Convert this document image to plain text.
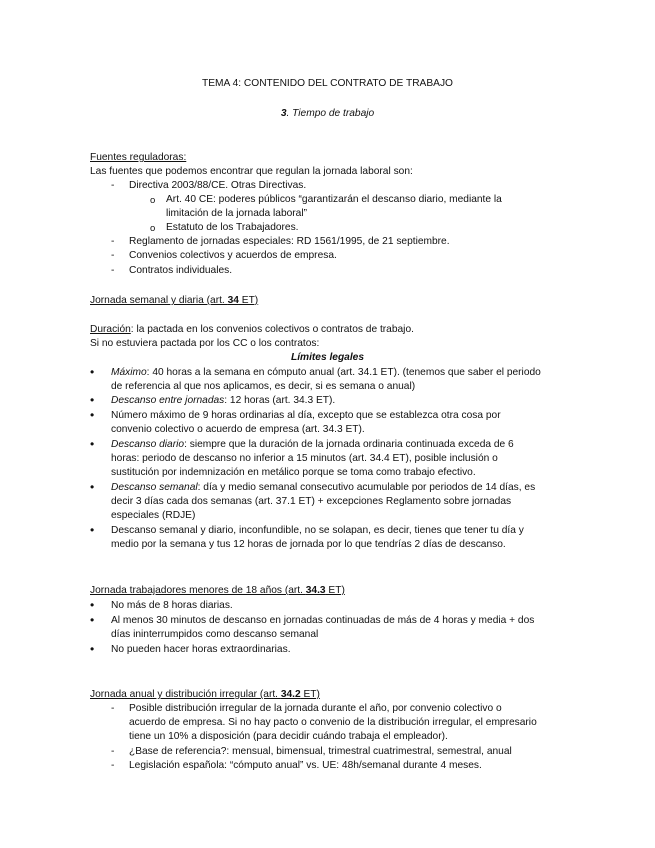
TEMA 4: CONTENIDO DEL CONTRATO DE TRABAJO
3. Tiempo de trabajo
Fuentes reguladoras:
Las fuentes que podemos encontrar que regulan la jornada laboral son:
-
Directiva 2003/88/CE. Otras Directivas.
o
Art. 40 CE: poderes públicos “garantizarán el descanso diario, mediante la
limitación de la jornada laboral”
o
Estatuto de los Trabajadores.
-
Reglamento de jornadas especiales: RD 1561/1995, de 21 septiembre.
-
Convenios colectivos y acuerdos de empresa.
-
Contratos individuales.
Jornada semanal y diaria (art. 34 ET)
Duración: la pactada en los convenios colectivos o contratos de trabajo.
Si no estuviera pactada por los CC o los contratos:
Límites legales
•
Máximo: 40 horas a la semana en cómputo anual (art. 34.1 ET). (tenemos que saber el periodo
de referencia al que nos aplicamos, es decir, si es semana o anual)
•
Descanso entre jornadas: 12 horas (art. 34.3 ET).
•
Número máximo de 9 horas ordinarias al día, excepto que se establezca otra cosa por
convenio colectivo o acuerdo de empresa (art. 34.3 ET).
•
Descanso diario: siempre que la duración de la jornada ordinaria continuada exceda de 6
horas: periodo de descanso no inferior a 15 minutos (art. 34.4 ET), posible inclusión o
sustitución por indemnización en metálico porque se toma como trabajo efectivo.
•
Descanso semanal: día y medio semanal consecutivo acumulable por periodos de 14 días, es
decir 3 días cada dos semanas (art. 37.1 ET) + excepciones Reglamento sobre jornadas
especiales (RDJE)
•
Descanso semanal y diario, inconfundible, no se solapan, es decir, tienes que tener tu día y
medio por la semana y tus 12 horas de jornada por lo que tendrías 2 días de descanso.
Jornada trabajadores menores de 18 años (art. 34.3 ET)
•
No más de 8 horas diarias.
•
Al menos 30 minutos de descanso en jornadas continuadas de más de 4 horas y media + dos
días ininterrumpidos como descanso semanal
•
No pueden hacer horas extraordinarias.
Jornada anual y distribución irregular (art. 34.2 ET)
-
Posible distribución irregular de la jornada durante el año, por convenio colectivo o
acuerdo de empresa. Si no hay pacto o convenio de la distribución irregular, el empresario
tiene un 10% a disposición (para decidir cuándo trabaja el empleador).
-
¿Base de referencia?: mensual, bimensual, trimestral cuatrimestral, semestral, anual
-
Legislación española: “cómputo anual” vs. UE: 48h/semanal durante 4 meses.
